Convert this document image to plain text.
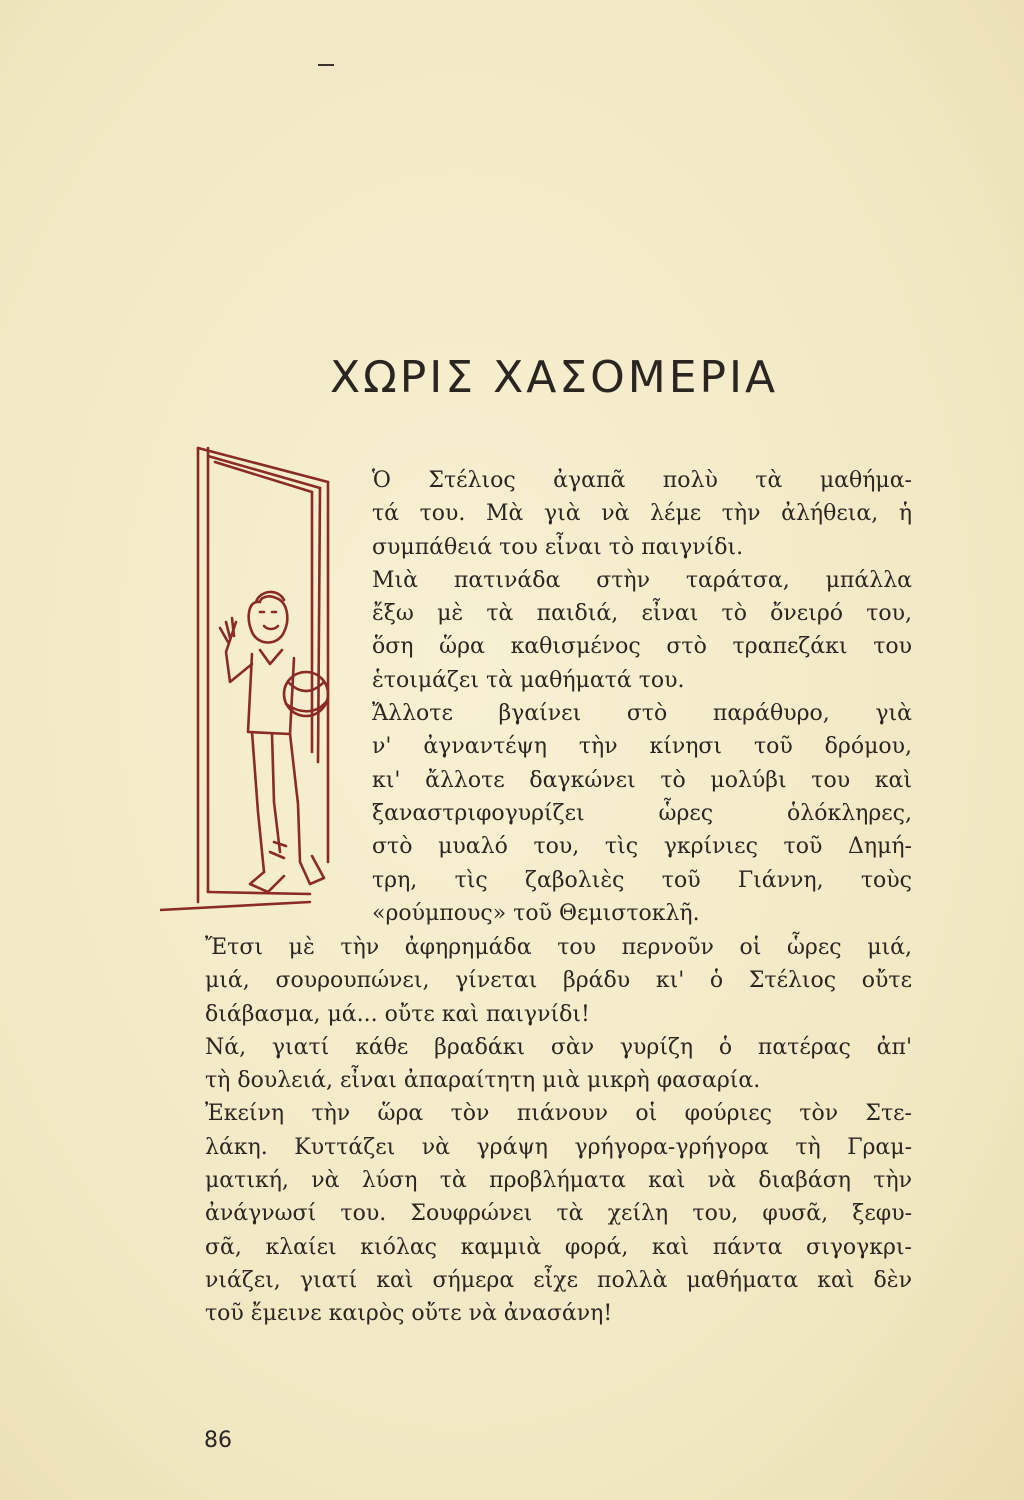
ΧΩΡΙΣ ΧΑΣΟΜΕΡΙΑ
Ὁ Στέλιος ἀγαπᾶ πολὺ τὰ μαθήμα-
τά του. Μὰ γιὰ νὰ λέμε τὴν ἀλήθεια, ἡ
συμπάθειά του εἶναι τὸ παιγνίδι.
Μιὰ πατινάδα στὴν ταράτσα, μπάλλα
ἔξω μὲ τὰ παιδιά, εἶναι τὸ ὄνειρό του,
ὅση ὥρα καθισμένος στὸ τραπεζάκι του
ἑτοιμάζει τὰ μαθήματά του.
Ἄλλοτε βγαίνει στὸ παράθυρο, γιὰ
ν' ἀγναντέψη τὴν κίνησι τοῦ δρόμου,
κι' ἄλλοτε δαγκώνει τὸ μολύβι του καὶ
ξαναστριφογυρίζει ὧρες ὁλόκληρες,
στὸ μυαλό του, τὶς γκρίνιες τοῦ Δημή-
τρη, τὶς ζαβολιὲς τοῦ Γιάννη, τοὺς
«ρούμπους» τοῦ Θεμιστοκλῆ.
Ἔτσι μὲ τὴν ἀφηρημάδα του περνοῦν οἱ ὧρες μιά,
μιά, σουρουπώνει, γίνεται βράδυ κι' ὁ Στέλιος οὔτε
διάβασμα, μά... οὔτε καὶ παιγνίδι!
Νά, γιατί κάθε βραδάκι σὰν γυρίζη ὁ πατέρας ἀπ'
τὴ δουλειά, εἶναι ἀπαραίτητη μιὰ μικρὴ φασαρία.
Ἐκείνη τὴν ὥρα τὸν πιάνουν οἱ φούριες τὸν Στε-
λάκη. Κυττάζει νὰ γράψη γρήγορα-γρήγορα τὴ Γραμ-
ματική, νὰ λύση τὰ προβλήματα καὶ νὰ διαβάση τὴν
ἀνάγνωσί του. Σουφρώνει τὰ χείλη του, φυσᾶ, ξεφυ-
σᾶ, κλαίει κιόλας καμμιὰ φορά, καὶ πάντα σιγογκρι-
νιάζει, γιατί καὶ σήμερα εἶχε πολλὰ μαθήματα καὶ δὲν
τοῦ ἔμεινε καιρὸς οὔτε νὰ ἀνασάνη!
86
